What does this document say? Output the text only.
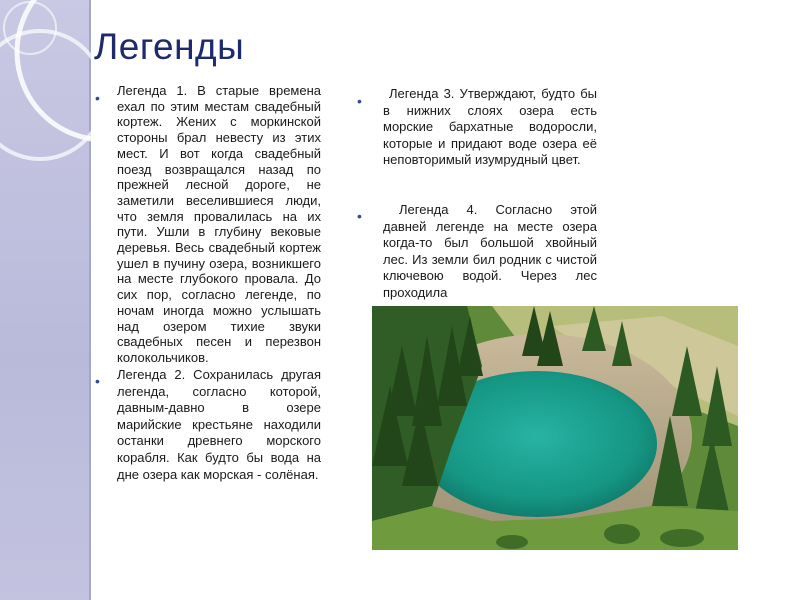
Легенды
• Легенда 1. В старые времена ехал по этим местам свадебный кортеж. Жених с моркинской стороны брал невесту из этих мест. И вот когда свадебный поезд возвращался назад по прежней лесной дороге, не заметили веселившиеся люди, что земля провалилась на их пути. Ушли в глубину вековые деревья. Весь свадебный кортеж ушел в пучину озера, возникшего на месте глубокого провала. До сих пор, согласно легенде, по ночам иногда можно услышать над озером тихие звуки свадебных песен и перезвон колокольчиков.

• Легенда 2. Сохранилась другая легенда, согласно которой, давным-давно в озере марийские крестьяне находили останки древнего морского корабля. Как будто бы вода на дне озера как морская - солёная.

•	Легенда 3. Утверждают, будто бы в нижних слоях озера есть морские бархатные водоросли, которые и придают воде озера её неповторимый изумрудный цвет.

•	Легенда 4. Согласно этой давней легенде на месте озера когда-то был большой хвойный лес. Из земли бил родник с чистой ключевою водой. Через лес проходила
